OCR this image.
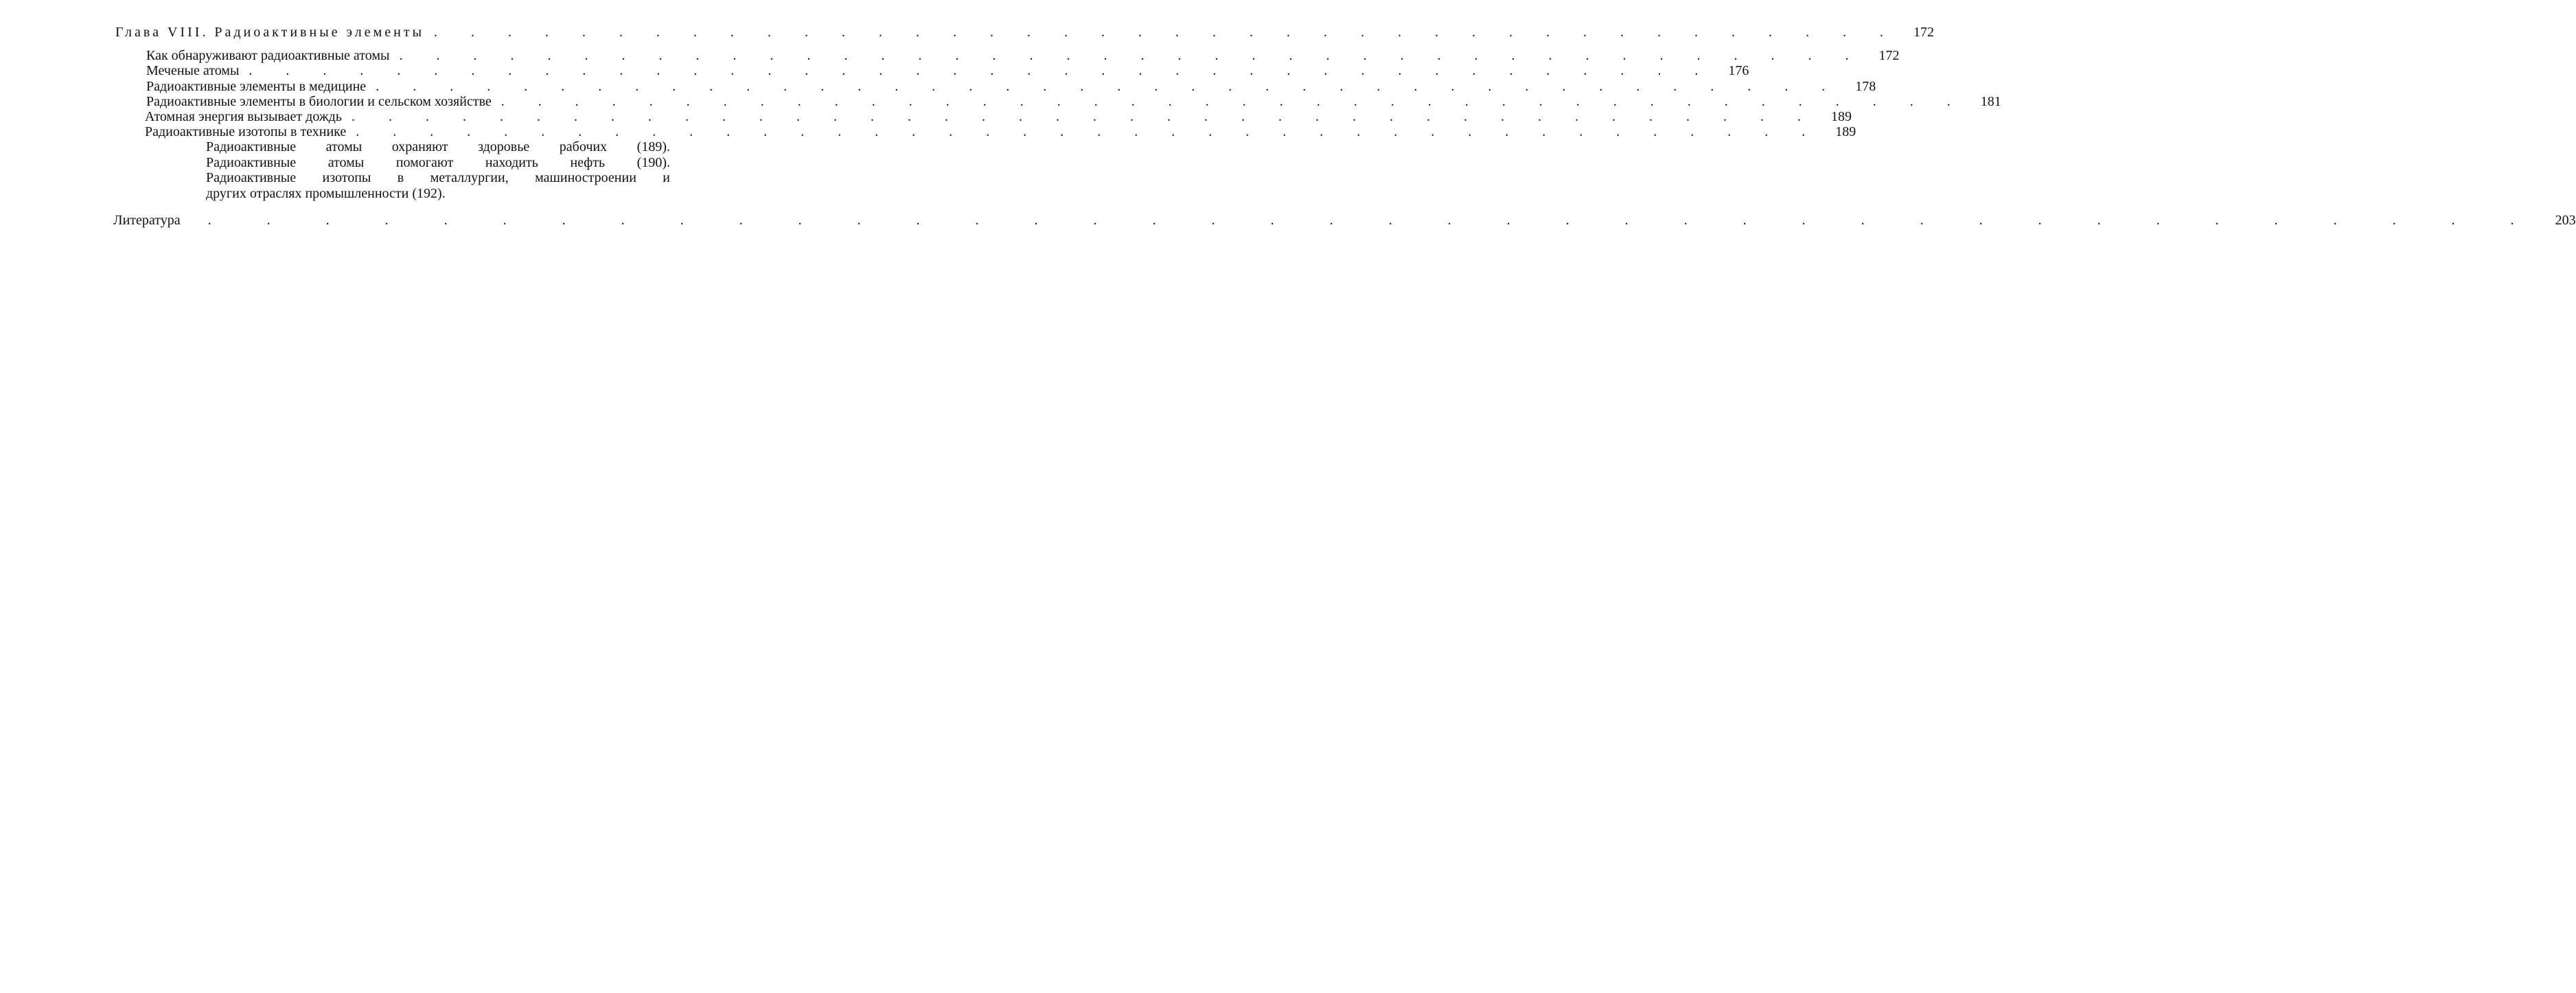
Глава VIII. Радиоактивные элементы . . . . . . . . . . . . . . . . . . . . . . . . . . . . . . . . . . . . . . . .	172
Как обнаруживают радиоактивные атомы . . . . . . . . . . . . . . . . . . . . . . . . . . . . . . . . . . . . . . . .	172
Меченые атомы . . . . . . . . . . . . . . . . . . . . . . . . . . . . . . . . . . . . . . . .	176
Радиоактивные элементы в медицине . . . . . . . . . . . . . . . . . . . . . . . . . . . . . . . . . . . . . . . .	178
Радиоактивные элементы в биологии и сельском хозяйстве . . . . . . . . . . . . . . . . . . . . . . . . . . . . . . . . . . . . . . . .	181
Атомная энергия вызывает дождь . . . . . . . . . . . . . . . . . . . . . . . . . . . . . . . . . . . . . . . .	189
Радиоактивные изотопы в технике . . . . . . . . . . . . . . . . . . . . . . . . . . . . . . . . . . . . . . . .	189
Радиоактивные атомы охраняют здоровье рабочих (189).
Радиоактивные атомы помогают находить нефть (190).
Радиоактивные изотопы в металлургии, машиностроении и
других отраслях промышленности (192).
Литература	. . . . . . . . . . . . . . . . . . . . . . . . . . . . . . . . . . . . . . . .	203
